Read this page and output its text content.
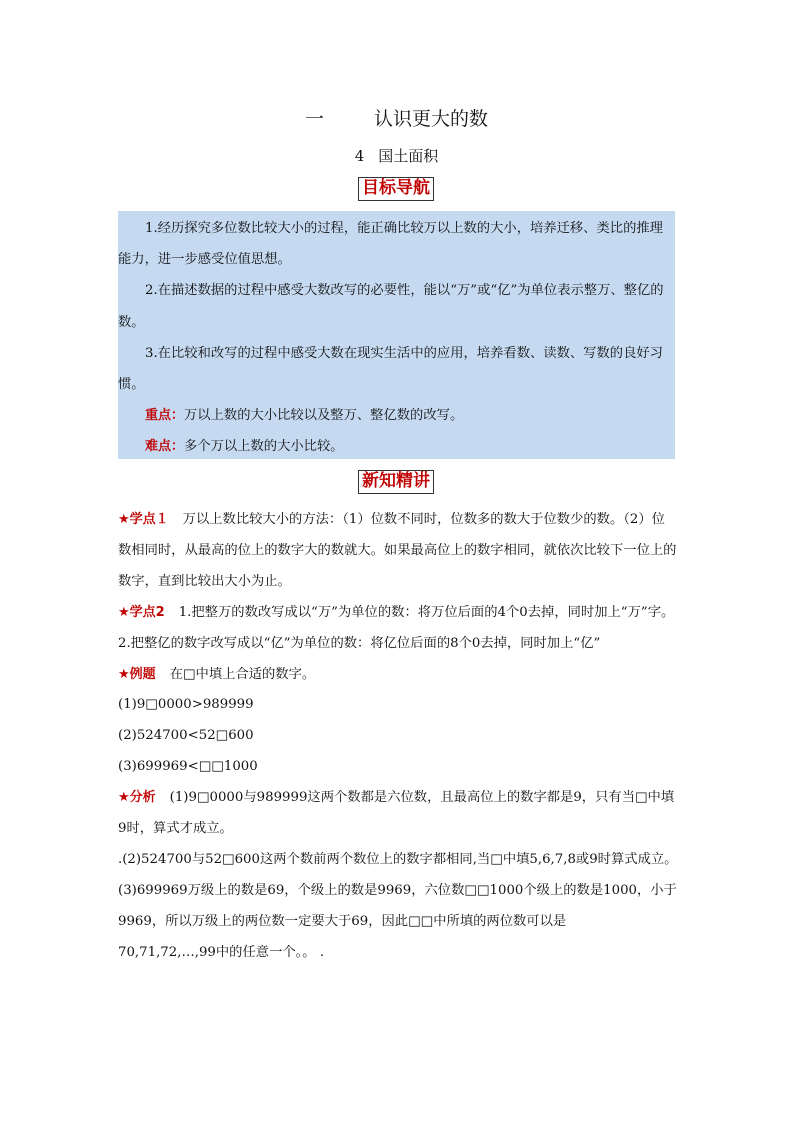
一	认识更大的数
4 国土面积
目标导航

1.经历探究多位数比较大小的过程，能正确比较万以上数的大小，培养迁移、类比的推理能力，进一步感受位值思想。

2.在描述数据的过程中感受大数改写的必要性，能以“万”或“亿”为单位表示整万、整亿的数。

3.在比较和改写的过程中感受大数在现实生活中的应用，培养看数、读数、写数的良好习惯。

重点：万以上数的大小比较以及整万、整亿数的改写。

难点：多个万以上数的大小比较。

新知精讲

★学点１ 万以上数比较大小的方法：（1）位数不同时，位数多的数大于位数少的数。（2）位数相同时，从最高的位上的数字大的数就大。如果最高位上的数字相同，就依次比较下一位上的数字，直到比较出大小为止。

★学点2 1.把整万的数改写成以“万”为单位的数：将万位后面的4个0去掉，同时加上“万”字。

2.把整亿的数字改写成以“亿”为单位的数：将亿位后面的8个0去掉，同时加上“亿”

★例题 在□中填上合适的数字。

(1)9□0000>989999

(2)524700<52□600

(3)699969<□□1000

★分析 (1)9□0000与989999这两个数都是六位数，且最高位上的数字都是9，只有当□中填9时，算式才成立。

.(2)524700与52□600这两个数前两个数位上的数字都相同,当□中填5,6,7,8或9时算式成立。

(3)699969万级上的数是69，个级上的数是9969，六位数□□1000个级上的数是1000，小于9969，所以万级上的两位数一定要大于69，因此□□中所填的两位数可以是

70,71,72,…,99中的任意一个。。 .
